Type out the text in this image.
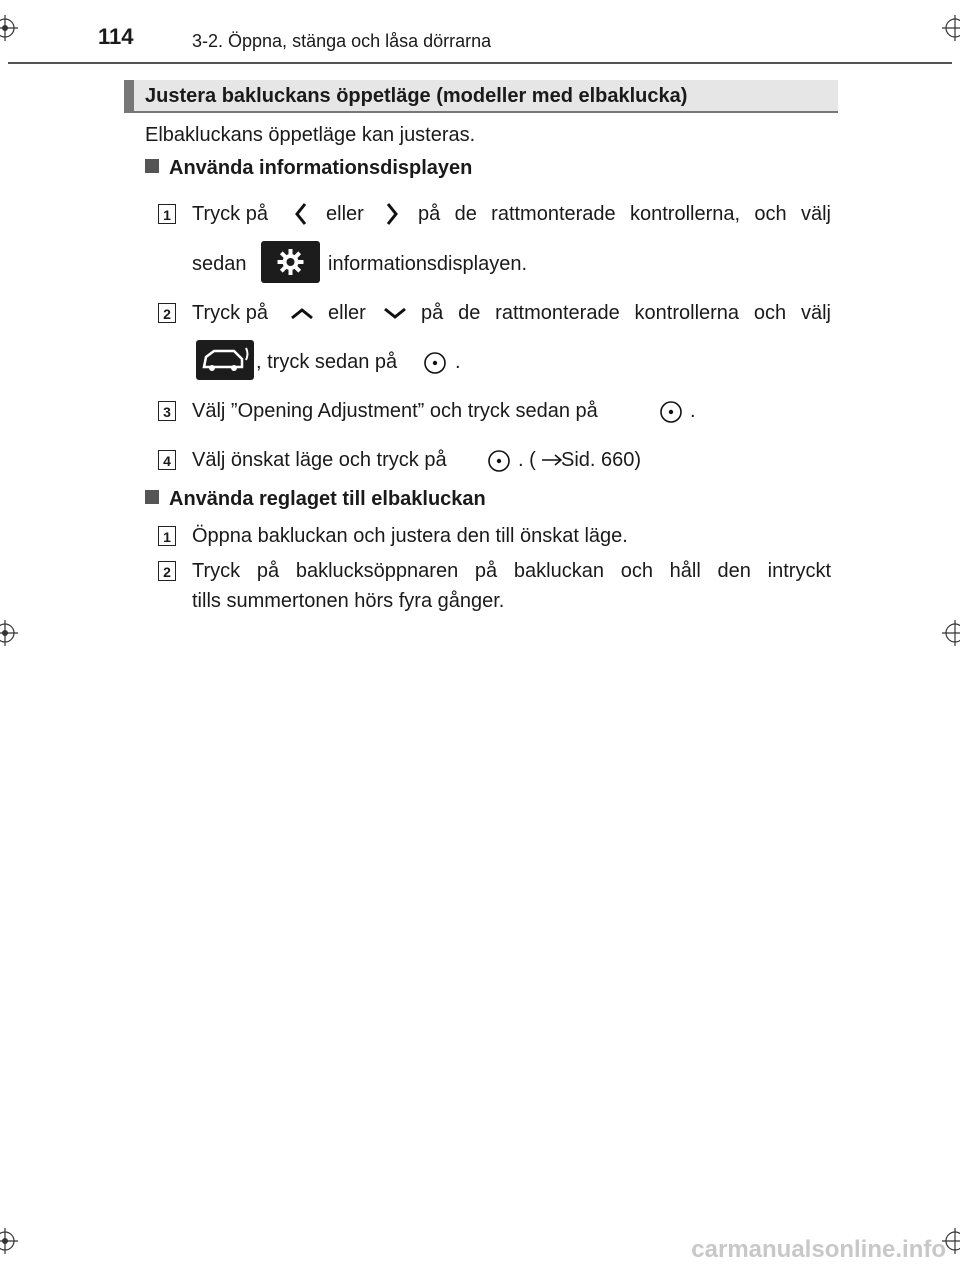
114	3-2. Öppna, stänga och låsa dörrarna
Justera bakluckans öppetläge (modeller med elbaklucka)
Elbakluckans öppetläge kan justeras.
Använda informationsdisplayen
1 Tryck på	eller	på de rattmonterade kontrollerna, och välj
sedan	informationsdisplayen.
2 Tryck på	eller	på de rattmonterade kontrollerna och välj
, tryck sedan på	.
3 Välj ”Opening Adjustment” och tryck sedan på	.
4 Välj önskat läge och tryck på	. ( Sid. 660)
Använda reglaget till elbakluckan
1 Öppna bakluckan och justera den till önskat läge.
2 Tryck på baklucksöppnaren på bakluckan och håll den intryckt
tills summertonen hörs fyra gånger.
carmanualsonline.info
